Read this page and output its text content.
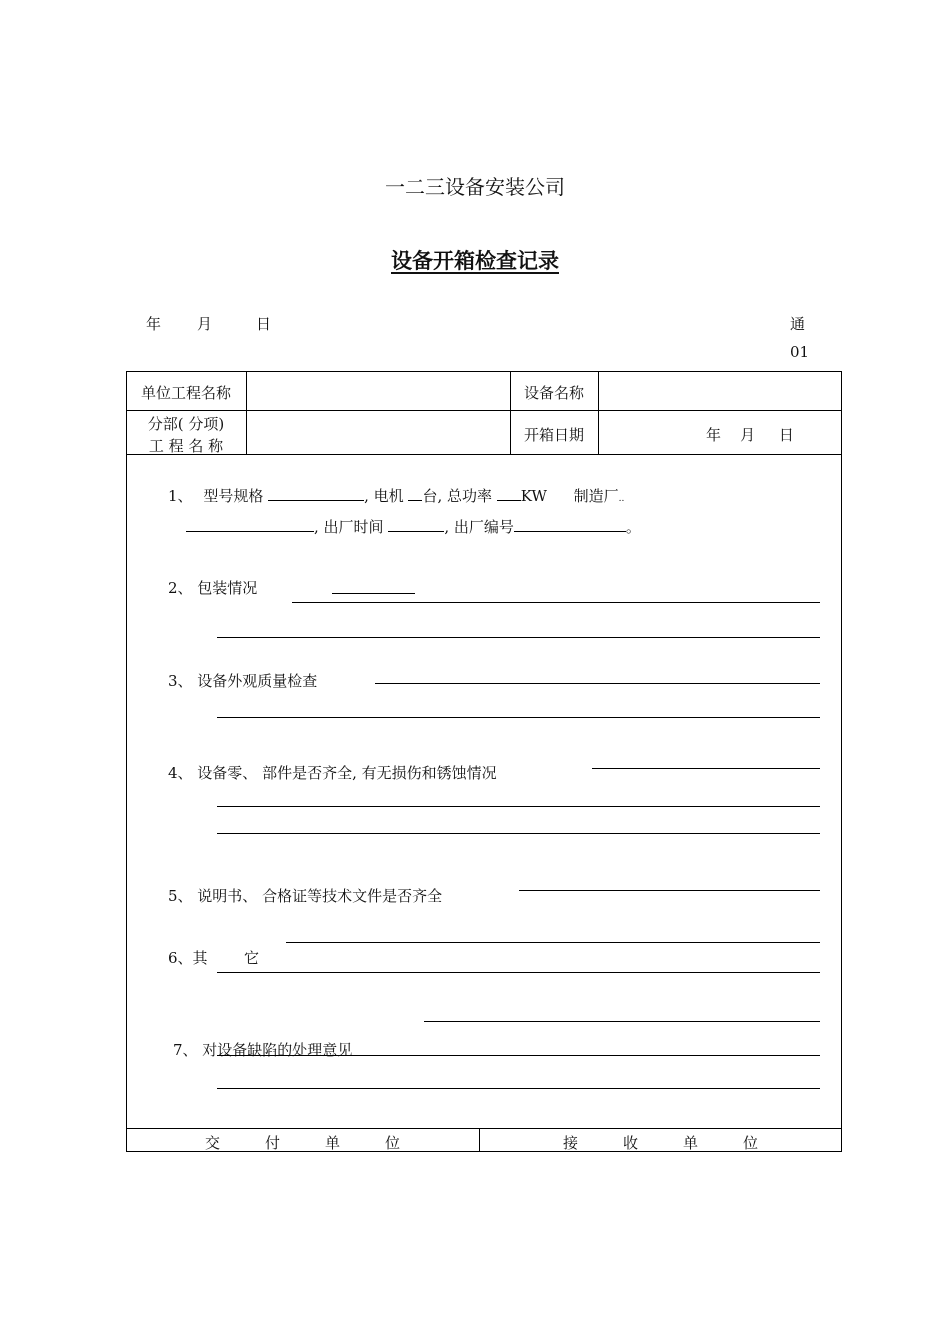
一二三设备安装公司
设备开箱检查记录
年 月	日	通
01
单位工程名称	设备名称
分部( 分项)
工 程 名 称
开箱日期	年    月     日
1、 型号规格	, 电机 台, 总功率 KW 制造厂..
, 出厂时间	, 出厂编号	。
2、 包装情况
3、 设备外观质量检查
4、 设备零、 部件是否齐全, 有无损伤和锈蚀情况
5、 说明书、 合格证等技术文件是否齐全
6、其 它
7、 对设备缺陷的处理意见
交　　　付　　　单　　　位	接　　　收　　　单　　　位
